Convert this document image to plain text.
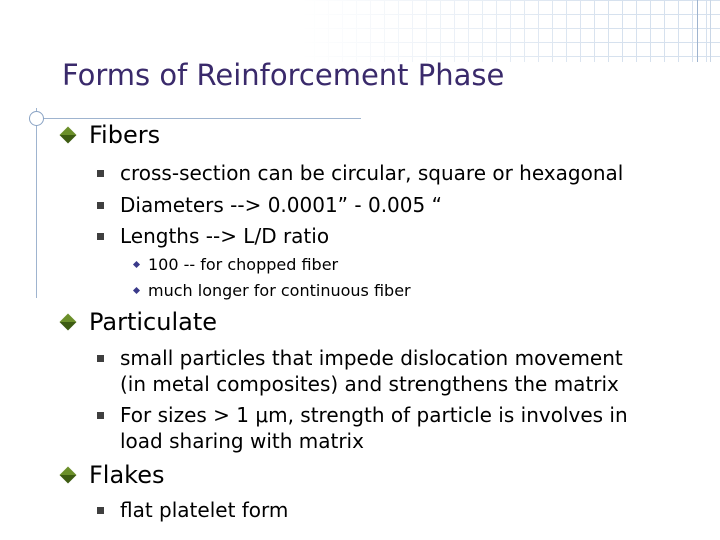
Forms of Reinforcement Phase
Fibers
cross-section can be circular, square or hexagonal
Diameters --> 0.0001” - 0.005 “
Lengths --> L/D ratio
100 -- for chopped fiber
much longer for continuous fiber
Particulate
small particles that impede dislocation movement
(in metal composites) and strengthens the matrix
For sizes > 1 μm, strength of particle is involves in
load sharing with matrix
Flakes
flat platelet form
